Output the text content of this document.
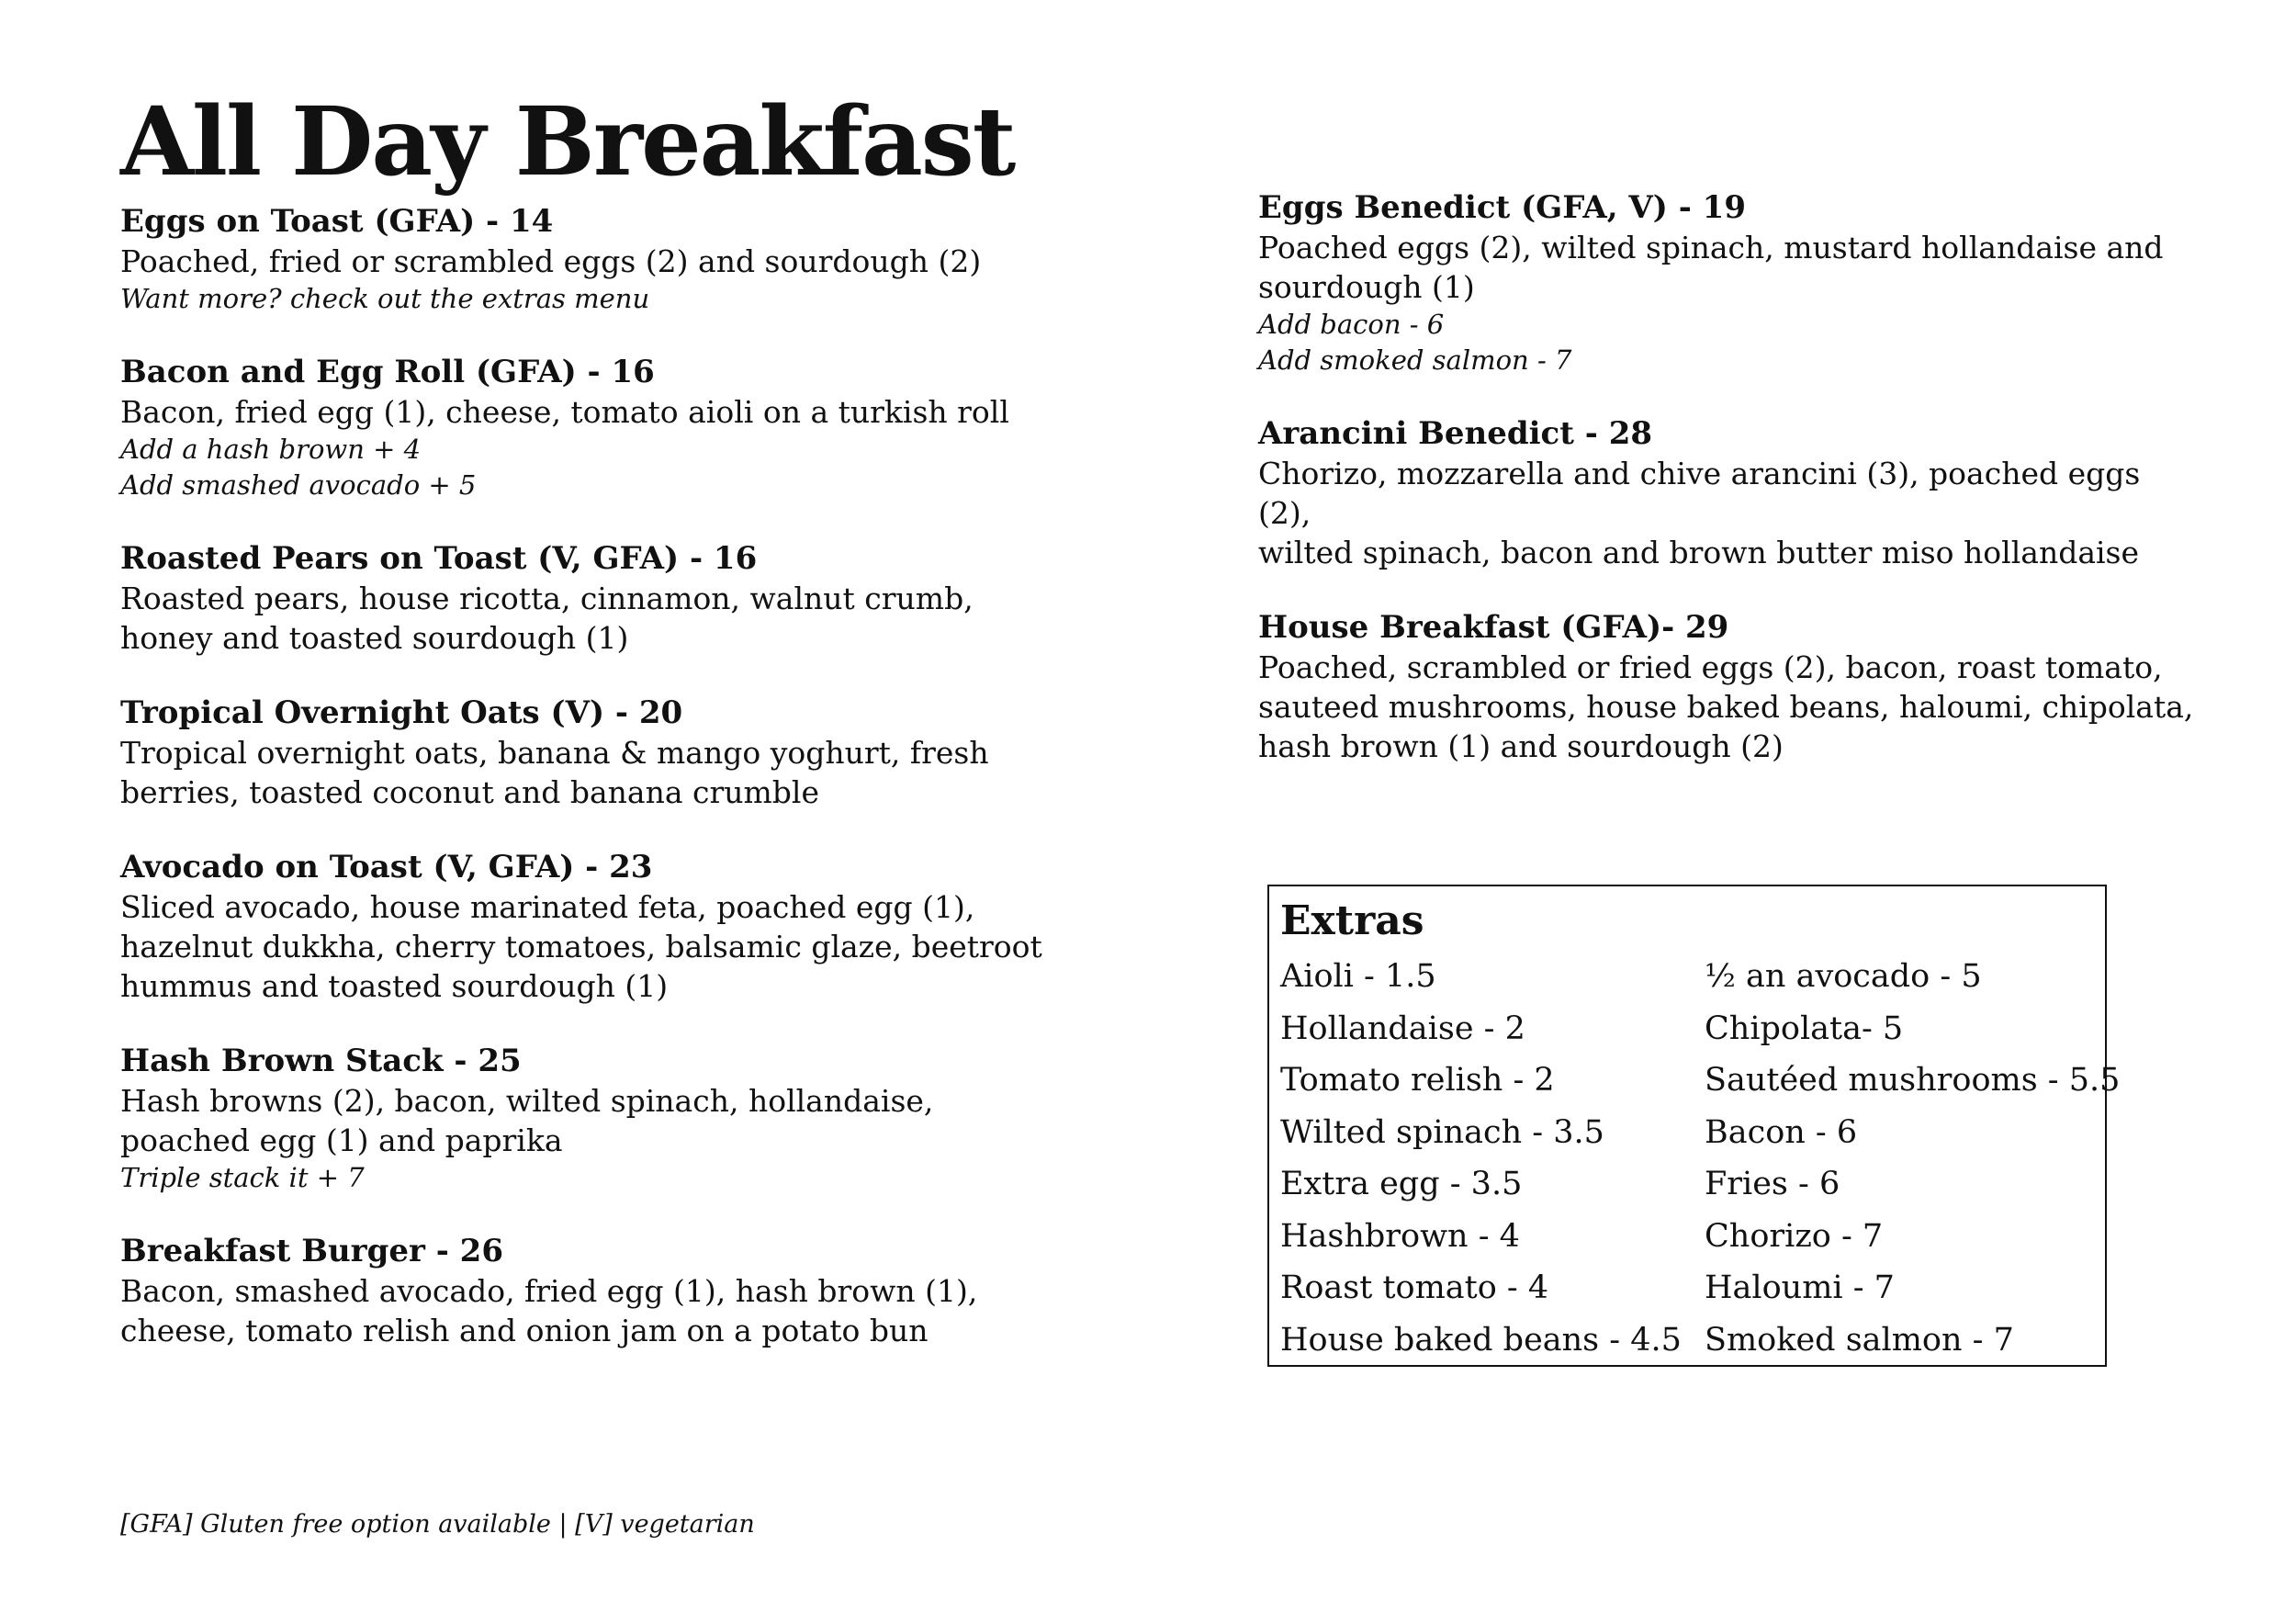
All Day Breakfast
Eggs on Toast (GFA) - 14
Poached, fried or scrambled eggs (2) and sourdough (2)
Want more? check out the extras menu
Bacon and Egg Roll (GFA) - 16
Bacon, fried egg (1), cheese, tomato aioli on a turkish roll
Add a hash brown + 4
Add smashed avocado + 5
Roasted Pears on Toast (V, GFA) - 16
Roasted pears, house ricotta, cinnamon, walnut crumb,
honey and toasted sourdough (1)
Tropical Overnight Oats (V) - 20
Tropical overnight oats, banana & mango yoghurt, fresh
berries, toasted coconut and banana crumble
Avocado on Toast (V, GFA) - 23
Sliced avocado, house marinated feta, poached egg (1),
hazelnut dukkha, cherry tomatoes, balsamic glaze, beetroot
hummus and toasted sourdough (1)
Hash Brown Stack - 25
Hash browns (2), bacon, wilted spinach, hollandaise,
poached egg (1) and paprika
Triple stack it + 7
Breakfast Burger - 26
Bacon, smashed avocado, fried egg (1), hash brown (1),
cheese, tomato relish and onion jam on a potato bun
Eggs Benedict (GFA, V) - 19
Poached eggs (2), wilted spinach, mustard hollandaise and
sourdough (1)
Add bacon - 6
Add smoked salmon - 7
Arancini Benedict - 28
Chorizo, mozzarella and chive arancini (3), poached eggs (2),
wilted spinach, bacon and brown butter miso hollandaise
House Breakfast (GFA)- 29
Poached, scrambled or fried eggs (2), bacon, roast tomato,
sauteed mushrooms, house baked beans, haloumi, chipolata,
hash brown (1) and sourdough (2)
Extras
Aioli - 1.5
Hollandaise - 2
Tomato relish - 2
Wilted spinach - 3.5
Extra egg - 3.5
Hashbrown - 4
Roast tomato - 4
House baked beans - 4.5
½ an avocado - 5
Chipolata- 5
Sautéed mushrooms - 5.5
Bacon - 6
Fries - 6
Chorizo - 7
Haloumi - 7
Smoked salmon - 7
[GFA] Gluten free option available | [V] vegetarian
